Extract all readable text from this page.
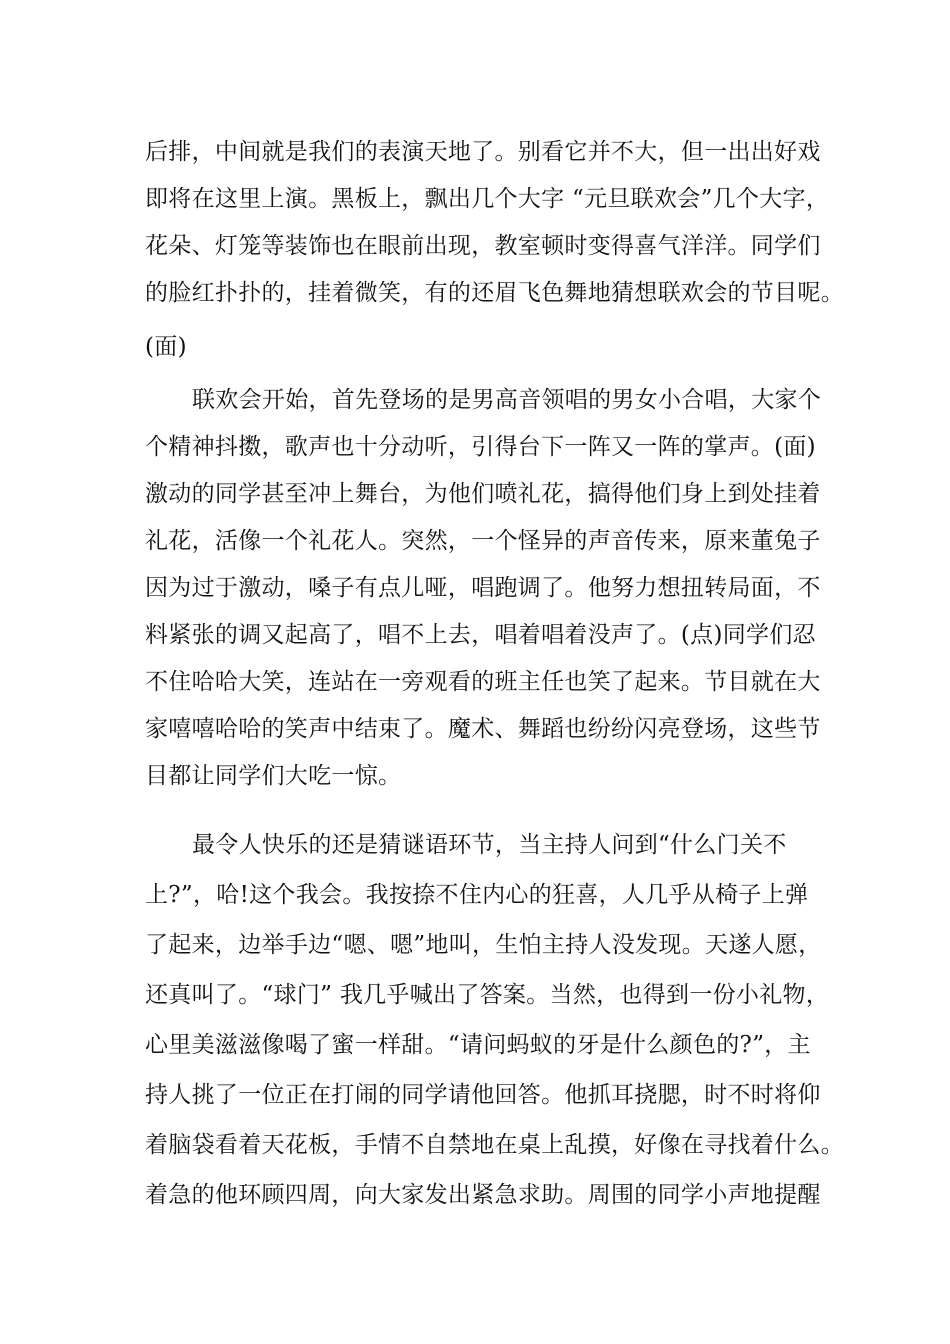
后排，中间就是我们的表演天地了。别看它并不大，但一出出好戏

即将在这里上演。黑板上，飘出几个大字 “元旦联欢会”几个大字，

花朵、灯笼等装饰也在眼前出现，教室顿时变得喜气洋洋。同学们

的脸红扑扑的，挂着微笑，有的还眉飞色舞地猜想联欢会的节目呢。

(面)

联欢会开始，首先登场的是男高音领唱的男女小合唱，大家个

个精神抖擞，歌声也十分动听，引得台下一阵又一阵的掌声。(面)

激动的同学甚至冲上舞台，为他们喷礼花，搞得他们身上到处挂着

礼花，活像一个礼花人。突然，一个怪异的声音传来，原来董兔子

因为过于激动，嗓子有点儿哑，唱跑调了。他努力想扭转局面，不

料紧张的调又起高了，唱不上去，唱着唱着没声了。(点)同学们忍

不住哈哈大笑，连站在一旁观看的班主任也笑了起来。节目就在大

家嘻嘻哈哈的笑声中结束了。魔术、舞蹈也纷纷闪亮登场，这些节

目都让同学们大吃一惊。

最令人快乐的还是猜谜语环节，当主持人问到“什么门关不

上?”，哈!这个我会。我按捺不住内心的狂喜，人几乎从椅子上弹

了起来，边举手边“嗯、嗯”地叫，生怕主持人没发现。天遂人愿，

还真叫了。“球门” 我几乎喊出了答案。当然，也得到一份小礼物，

心里美滋滋像喝了蜜一样甜。“请问蚂蚁的牙是什么颜色的?”，主

持人挑了一位正在打闹的同学请他回答。他抓耳挠腮，时不时将仰

着脑袋看着天花板，手情不自禁地在桌上乱摸，好像在寻找着什么。

着急的他环顾四周，向大家发出紧急求助。周围的同学小声地提醒
